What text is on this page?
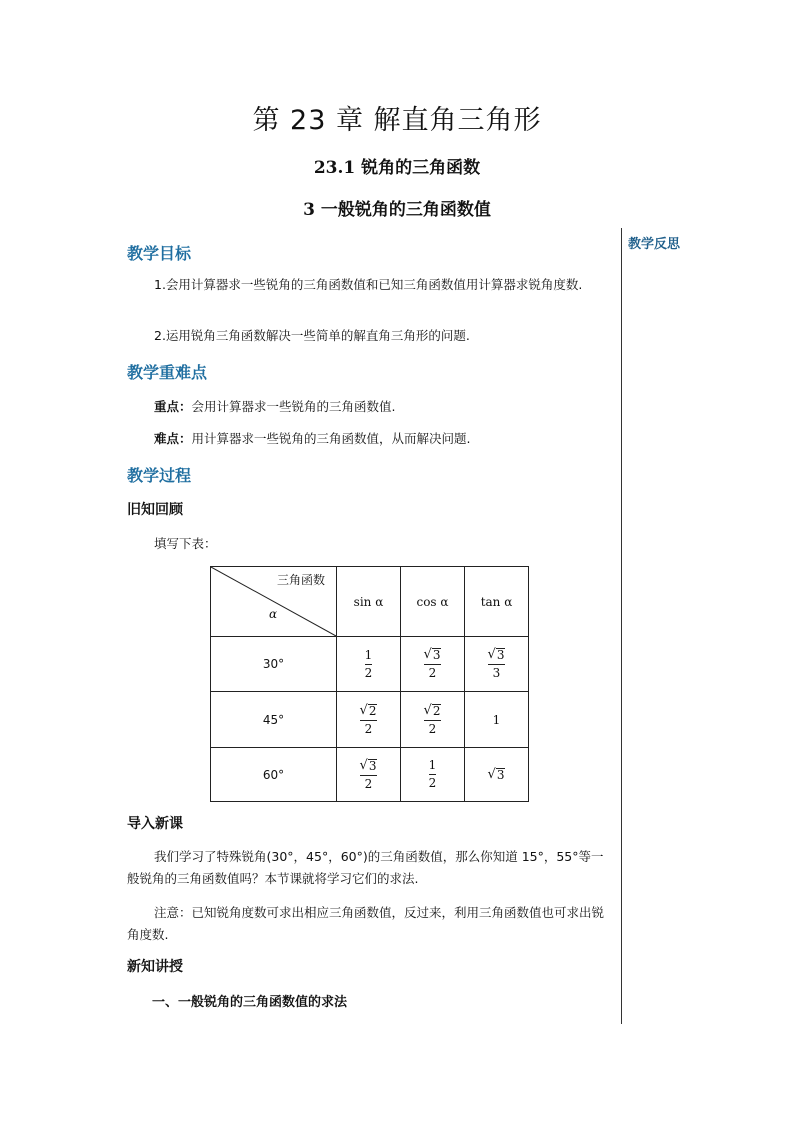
第 23 章 解直角三角形
23.1 锐角的三角函数
3 一般锐角的三角函数值
教学反思
教学目标
1.会用计算器求一些锐角的三角函数值和已知三角函数值用计算器求锐角度数.
2.运用锐角三角函数解决一些简单的解直角三角形的问题.
教学重难点
重点：会用计算器求一些锐角的三角函数值.
难点：用计算器求一些锐角的三角函数值，从而解决问题.
教学过程
旧知回顾
填写下表：
三角函数
α
sin α	cos α	tan α
30°	$\frac{1}{2}$	$\frac{√ 3}{2}$	$\frac{√ 3}{3}$
45°	$\frac{√ 2}{2}$	$\frac{√ 2}{2}$	1
60°	$\frac{√ 3}{2}$	$\frac{1}{2}$	√ 3
导入新课
我们学习了特殊锐角(30°，45°，60°)的三角函数值，那么你知道 15°，55°等一般锐角的三角函数值吗？本节课就将学习它们的求法.
注意：已知锐角度数可求出相应三角函数值，反过来，利用三角函数值也可求出锐角度数.
新知讲授
一、一般锐角的三角函数值的求法
